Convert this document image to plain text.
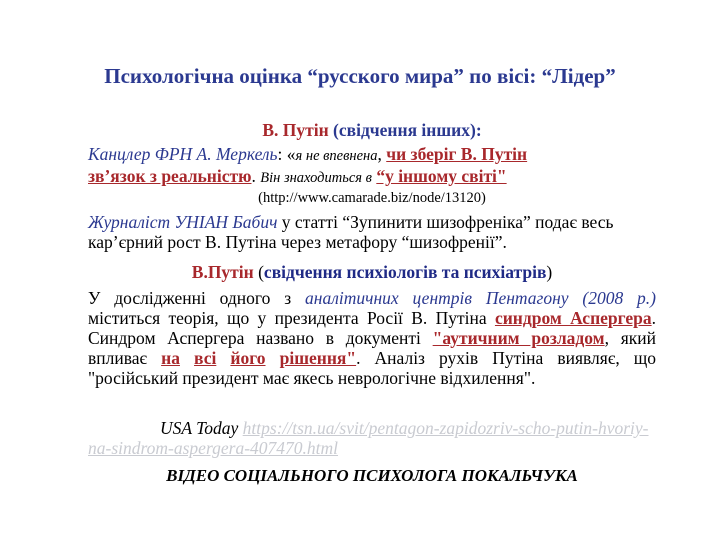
Психологічна оцінка “русского мира” по вісі: “Лідер”
В. Путін (свідчення інших):
Канцлер ФРН А. Меркель: «я не впевнена, чи зберіг В. Путін
зв’язок з реальністю. Він знаходиться в “у іншому світі"
(http://www.camarade.biz/node/13120)
Журналіст УНІАН Бабич у статті “Зупинити шизофреніка” подає весь кар’єрний рост В. Путіна через метафору “шизофренії”.
В.Путін (свідчення психіологів та психіатрів)
У дослідженні одного з аналітичних центрів Пентагону (2008 р.) міститься теорія, що у президента Росії В. Путіна синдром Аспергера. Синдром Аспергера названо в документі "аутичним розладом, який впливає на всі його рішення". Аналіз рухів Путіна виявляє, що "російський президент має якесь неврологічне відхилення".
USA Today https://tsn.ua/svit/pentagon-zapidozriv-scho-putin-hvoriy-na-sindrom-aspergera-407470.html
ВІДЕО СОЦІАЛЬНОГО ПСИХОЛОГА ПОКАЛЬЧУКА
